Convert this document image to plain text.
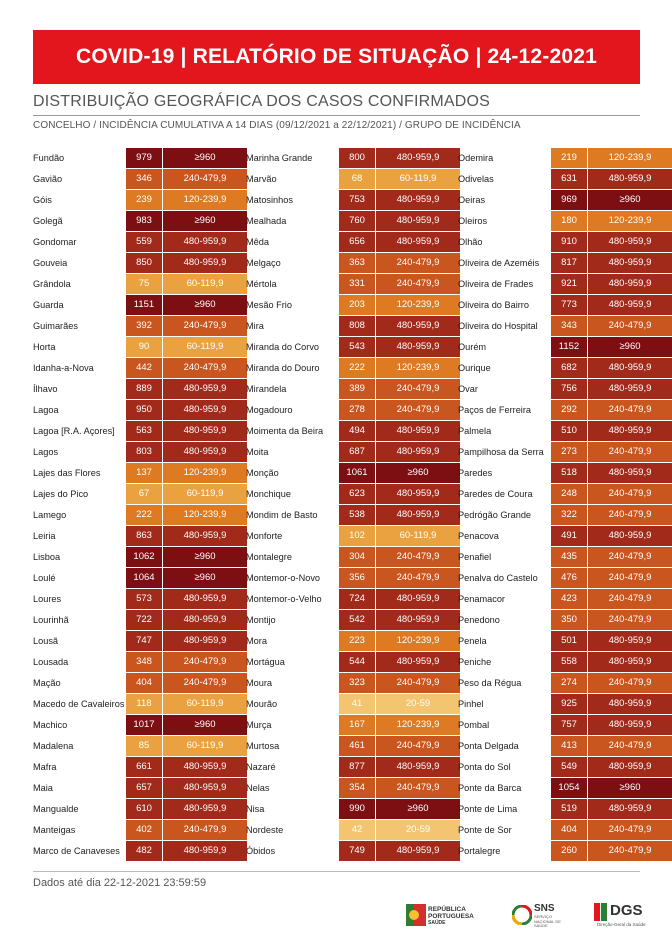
COVID-19 | RELATÓRIO DE SITUAÇÃO | 24-12-2021
DISTRIBUIÇÃO GEOGRÁFICA DOS CASOS CONFIRMADOS
CONCELHO / INCIDÊNCIA CUMULATIVA A 14 DIAS (09/12/2021 a 22/12/2021) / GRUPO DE INCIDÊNCIA
Fundão	979	≥960
Gavião	346	240-479,9
Góis	239	120-239,9
Golegã	983	≥960
Gondomar	559	480-959,9
Gouveia	850	480-959,9
Grândola	75	60-119,9
Guarda	1151	≥960
Guimarães	392	240-479,9
Horta	90	60-119,9
Idanha-a-Nova	442	240-479,9
Ílhavo	889	480-959,9
Lagoa	950	480-959,9
Lagoa [R.A. Açores]	563	480-959,9
Lagos	803	480-959,9
Lajes das Flores	137	120-239,9
Lajes do Pico	67	60-119,9
Lamego	222	120-239,9
Leiria	863	480-959,9
Lisboa	1062	≥960
Loulé	1064	≥960
Loures	573	480-959,9
Lourinhã	722	480-959,9
Lousã	747	480-959,9
Lousada	348	240-479,9
Mação	404	240-479,9
Macedo de Cavaleiros	118	60-119,9
Machico	1017	≥960
Madalena	85	60-119,9
Mafra	661	480-959,9
Maia	657	480-959,9
Mangualde	610	480-959,9
Manteigas	402	240-479,9
Marco de Canaveses	482	480-959,9
Marinha Grande	800	480-959,9
Marvão	68	60-119,9
Matosinhos	753	480-959,9
Mealhada	760	480-959,9
Mêda	656	480-959,9
Melgaço	363	240-479,9
Mértola	331	240-479,9
Mesão Frio	203	120-239,9
Mira	808	480-959,9
Miranda do Corvo	543	480-959,9
Miranda do Douro	222	120-239,9
Mirandela	389	240-479,9
Mogadouro	278	240-479,9
Moimenta da Beira	494	480-959,9
Moita	687	480-959,9
Monção	1061	≥960
Monchique	623	480-959,9
Mondim de Basto	538	480-959,9
Monforte	102	60-119,9
Montalegre	304	240-479,9
Montemor-o-Novo	356	240-479,9
Montemor-o-Velho	724	480-959,9
Montijo	542	480-959,9
Mora	223	120-239,9
Mortágua	544	480-959,9
Moura	323	240-479,9
Mourão	41	20-59
Murça	167	120-239,9
Murtosa	461	240-479,9
Nazaré	877	480-959,9
Nelas	354	240-479,9
Nisa	990	≥960
Nordeste	42	20-59
Óbidos	749	480-959,9
Odemira	219	120-239,9
Odivelas	631	480-959,9
Oeiras	969	≥960
Oleiros	180	120-239,9
Olhão	910	480-959,9
Oliveira de Azeméis	817	480-959,9
Oliveira de Frades	921	480-959,9
Oliveira do Bairro	773	480-959,9
Oliveira do Hospital	343	240-479,9
Ourém	1152	≥960
Ourique	682	480-959,9
Ovar	756	480-959,9
Paços de Ferreira	292	240-479,9
Palmela	510	480-959,9
Pampilhosa da Serra	273	240-479,9
Paredes	518	480-959,9
Paredes de Coura	248	240-479,9
Pedrógão Grande	322	240-479,9
Penacova	491	480-959,9
Penafiel	435	240-479,9
Penalva do Castelo	476	240-479,9
Penamacor	423	240-479,9
Penedono	350	240-479,9
Penela	501	480-959,9
Peniche	558	480-959,9
Peso da Régua	274	240-479,9
Pinhel	925	480-959,9
Pombal	757	480-959,9
Ponta Delgada	413	240-479,9
Ponta do Sol	549	480-959,9
Ponte da Barca	1054	≥960
Ponte de Lima	519	480-959,9
Ponte de Sor	404	240-479,9
Portalegre	260	240-479,9
Dados até dia 22-12-2021 23:59:59
REPÚBLICA
PORTUGUESA
SAÚDE
SNS
SERVIÇO NACIONAL DE SAÚDE
DGS
Direção-Geral da Saúde
